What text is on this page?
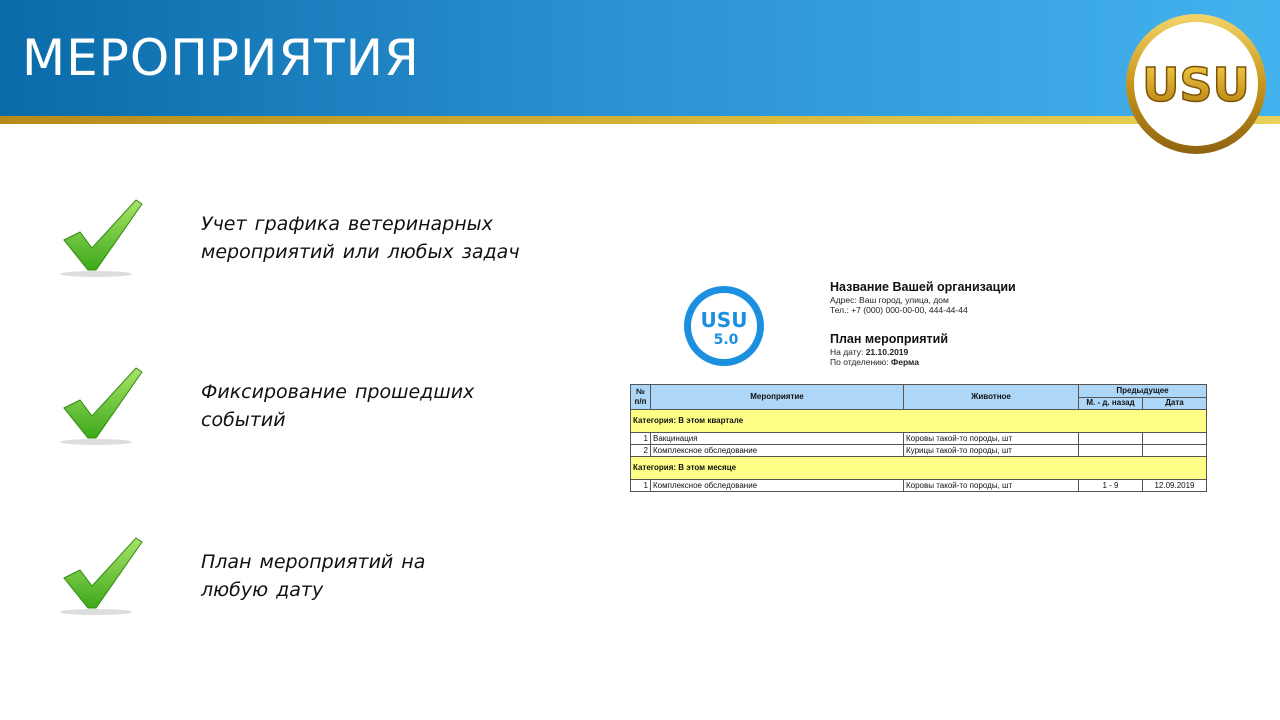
МЕРОПРИЯТИЯ	USU
Учет графика ветеринарных
мероприятий или любых задач
Фиксирование прошедших
событий
План мероприятий на
любую дату
USU
5.0
Название Вашей организации
Адрес: Ваш город, улица, дом
Тел.: +7 (000) 000-00-00, 444-44-44
План мероприятий
На дату: 21.10.2019
По отделению: Ферма
№
п/п	Мероприятие	Животное	Предыдущее	
			М. - д. назад	Дата
Категория: В этом квартале				
1	Вакцинация	Коровы такой-то породы, шт		
2	Комплексное обследование	Курицы такой-то породы, шт		
Категория: В этом месяце				
1	Комплексное обследование	Коровы такой-то породы, шт	1 - 9	12.09.2019
